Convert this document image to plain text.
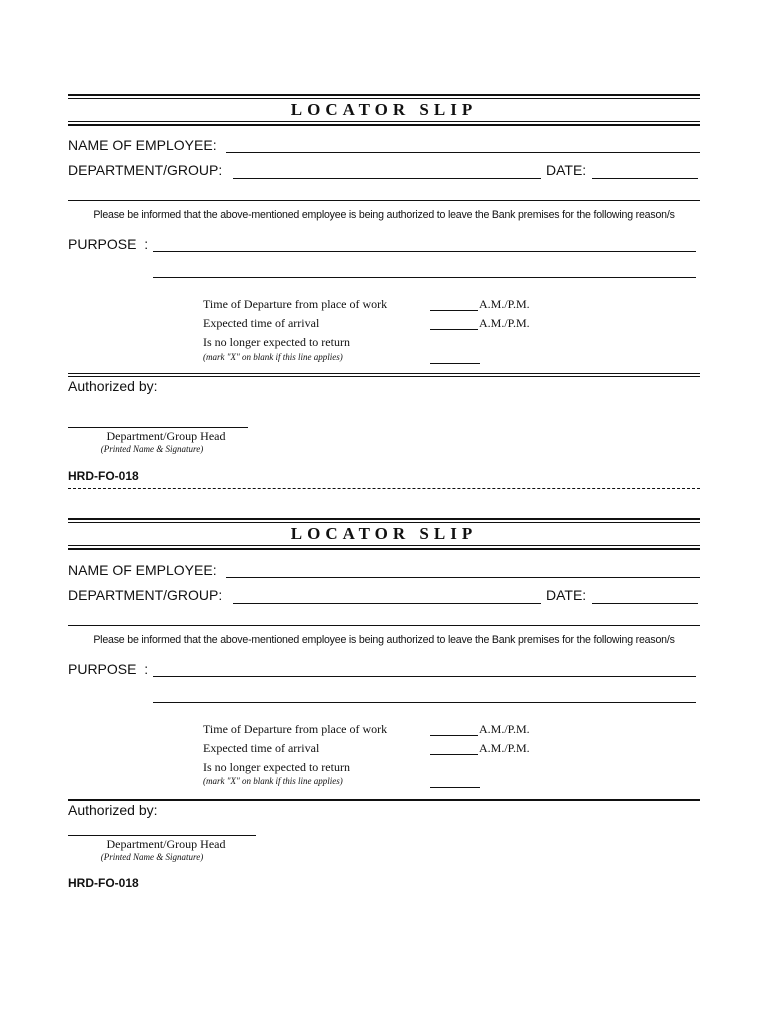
LOCATOR SLIP
NAME OF EMPLOYEE:
DEPARTMENT/GROUP:	DATE:
Please be informed that the above-mentioned employee is being authorized to leave the Bank premises for the following reason/s
PURPOSE  :
Time of Departure from place of work	A.M./P.M.
Expected time of arrival	A.M./P.M.
Is no longer expected to return
(mark "X" on blank if this line applies)
Authorized by:
Department/Group Head
(Printed Name & Signature)
HRD-FO-018
LOCATOR SLIP
NAME OF EMPLOYEE:
DEPARTMENT/GROUP:	DATE:
Please be informed that the above-mentioned employee is being authorized to leave the Bank premises for the following reason/s
PURPOSE  :
Time of Departure from place of work	A.M./P.M.
Expected time of arrival	A.M./P.M.
Is no longer expected to return
(mark "X" on blank if this line applies)
Authorized by:
Department/Group Head
(Printed Name & Signature)
HRD-FO-018
